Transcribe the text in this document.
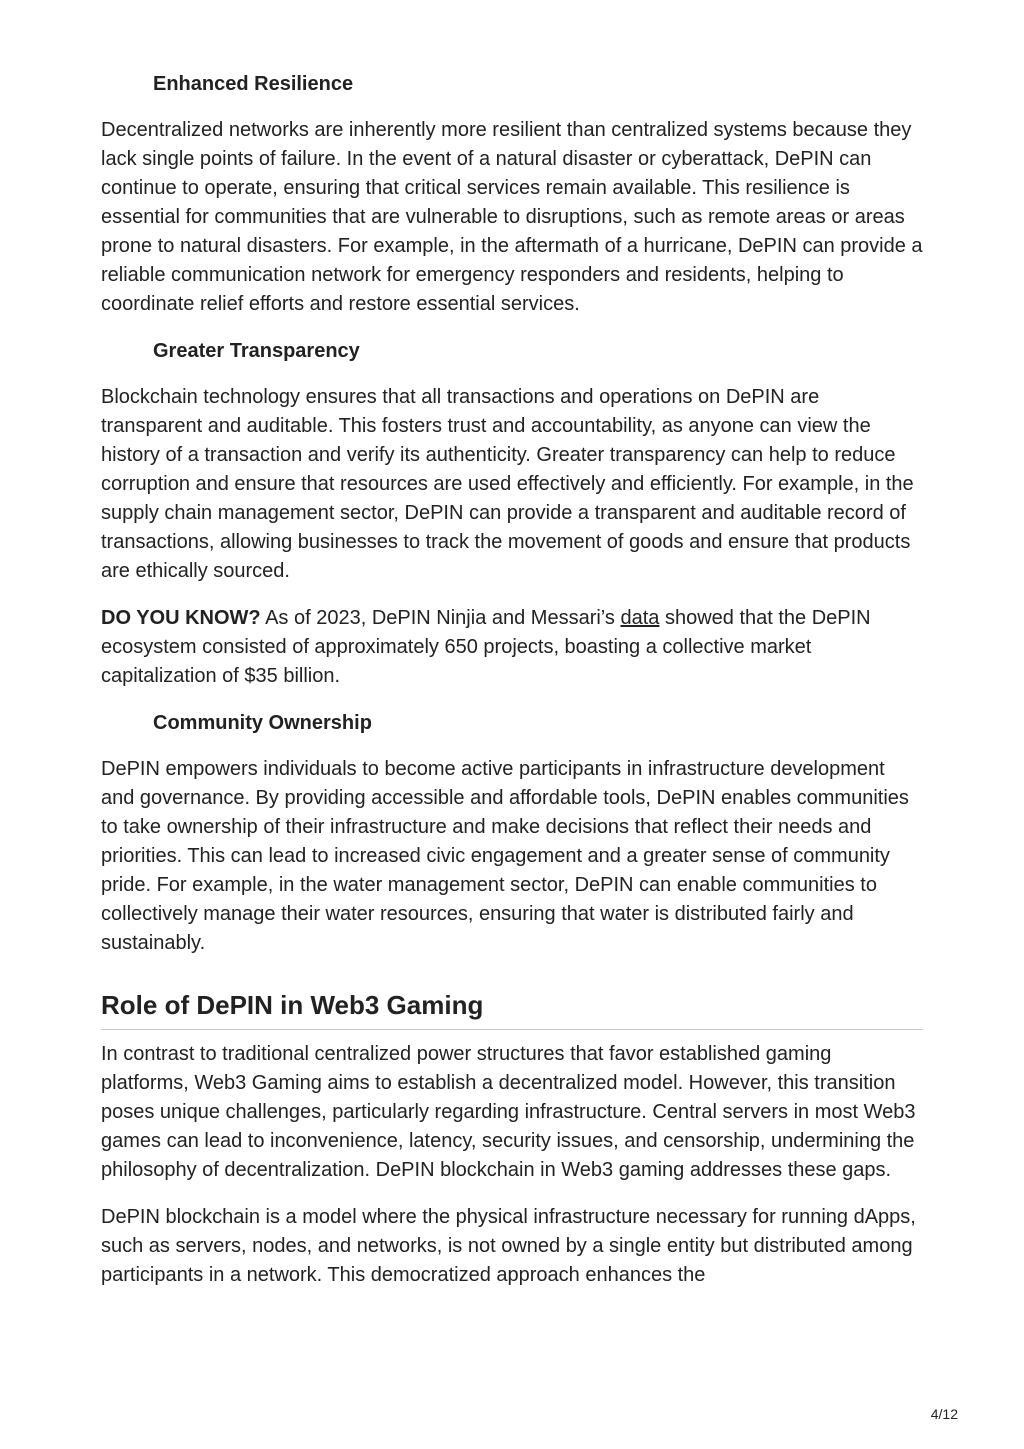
Enhanced Resilience

Decentralized networks are inherently more resilient than centralized systems because they lack single points of failure. In the event of a natural disaster or cyberattack, DePIN can continue to operate, ensuring that critical services remain available. This resilience is essential for communities that are vulnerable to disruptions, such as remote areas or areas prone to natural disasters. For example, in the aftermath of a hurricane, DePIN can provide a reliable communication network for emergency responders and residents, helping to coordinate relief efforts and restore essential services.

Greater Transparency

Blockchain technology ensures that all transactions and operations on DePIN are transparent and auditable. This fosters trust and accountability, as anyone can view the history of a transaction and verify its authenticity. Greater transparency can help to reduce corruption and ensure that resources are used effectively and efficiently. For example, in the supply chain management sector, DePIN can provide a transparent and auditable record of transactions, allowing businesses to track the movement of goods and ensure that products are ethically sourced.

DO YOU KNOW? As of 2023, DePIN Ninjia and Messari’s data showed that the DePIN ecosystem consisted of approximately 650 projects, boasting a collective market capitalization of $35 billion.

Community Ownership

DePIN empowers individuals to become active participants in infrastructure development and governance. By providing accessible and affordable tools, DePIN enables communities to take ownership of their infrastructure and make decisions that reflect their needs and priorities. This can lead to increased civic engagement and a greater sense of community pride. For example, in the water management sector, DePIN can enable communities to collectively manage their water resources, ensuring that water is distributed fairly and sustainably.

Role of DePIN in Web3 Gaming

In contrast to traditional centralized power structures that favor established gaming platforms, Web3 Gaming aims to establish a decentralized model. However, this transition poses unique challenges, particularly regarding infrastructure. Central servers in most Web3 games can lead to inconvenience, latency, security issues, and censorship, undermining the philosophy of decentralization. DePIN blockchain in Web3 gaming addresses these gaps.

DePIN blockchain is a model where the physical infrastructure necessary for running dApps, such as servers, nodes, and networks, is not owned by a single entity but distributed among participants in a network. This democratized approach enhances the

4/12
